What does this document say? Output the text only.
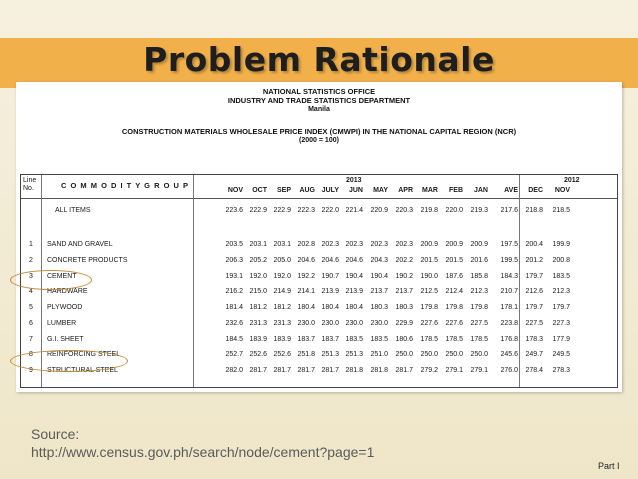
Problem Rationale
NATIONAL STATISTICS OFFICE
INDUSTRY AND TRADE STATISTICS DEPARTMENT
Manila
CONSTRUCTION MATERIALS WHOLESALE PRICE INDEX (CMWPI) IN THE NATIONAL CAPITAL REGION (NCR)
(2000 = 100)
Line
No.	C O M M O D I T Y G R O U P
2013	2012
NOV	OCT	SEP	AUG JULY	JUN	MAY	APR	MAR	FEB	JAN	AVE	DEC	NOV
ALL ITEMS	223.6 222.9 222.9 222.3 222.0 221.4	220.9	220.3	219.8	220.0	219.3	217.6	218.8	218.5
1 SAND AND GRAVEL	203.5 203.1 203.1 202.8 202.3 202.3	202.3	202.3	200.9	200.9	200.9	197.5	200.4	199.9
2 CONCRETE PRODUCTS	206.3 205.2 205.0 204.6 204.6 204.6	204.3	202.2	201.5	201.5	201.6	199.5	201.2	200.8
3 CEMENT	193.1 192.0 192.0 192.2 190.7 190.4	190.4	190.2	190.0	187.6	185.8	184.3	179.7	183.5
4 HARDWARE	216.2 215.0 214.9 214.1 213.9 213.9	213.7	213.7	212.5	212.4	212.3	210.7	212.6	212.3
5 PLYWOOD	181.4 181.2 181.2 180.4 180.4 180.4	180.3	180.3	179.8	179.8	179.8	178.1	179.7	179.7
6 LUMBER	232.6 231.3 231.3 230.0 230.0 230.0	230.0	229.9	227.6	227.6	227.5	223.8	227.5	227.3
7 G.I. SHEET	184.5 183.9 183.9 183.7 183.7 183.5	183.5	180.6	178.5	178.5	178.5	176.8	178.3	177.9
8 REINFORCING STEEL	252.7 252.6 252.6 251.8 251.3 251.3	251.0	250.0	250.0	250.0	250.0	245.6	249.7	249.5
9 STRUCTURAL STEEL	282.0 281.7 281.7 281.7 281.7 281.8	281.8	281.7	279.2	279.1	279.1	276.0	278.4	278.3
Source:
http://www.census.gov.ph/search/node/cement?page=1
Part I
